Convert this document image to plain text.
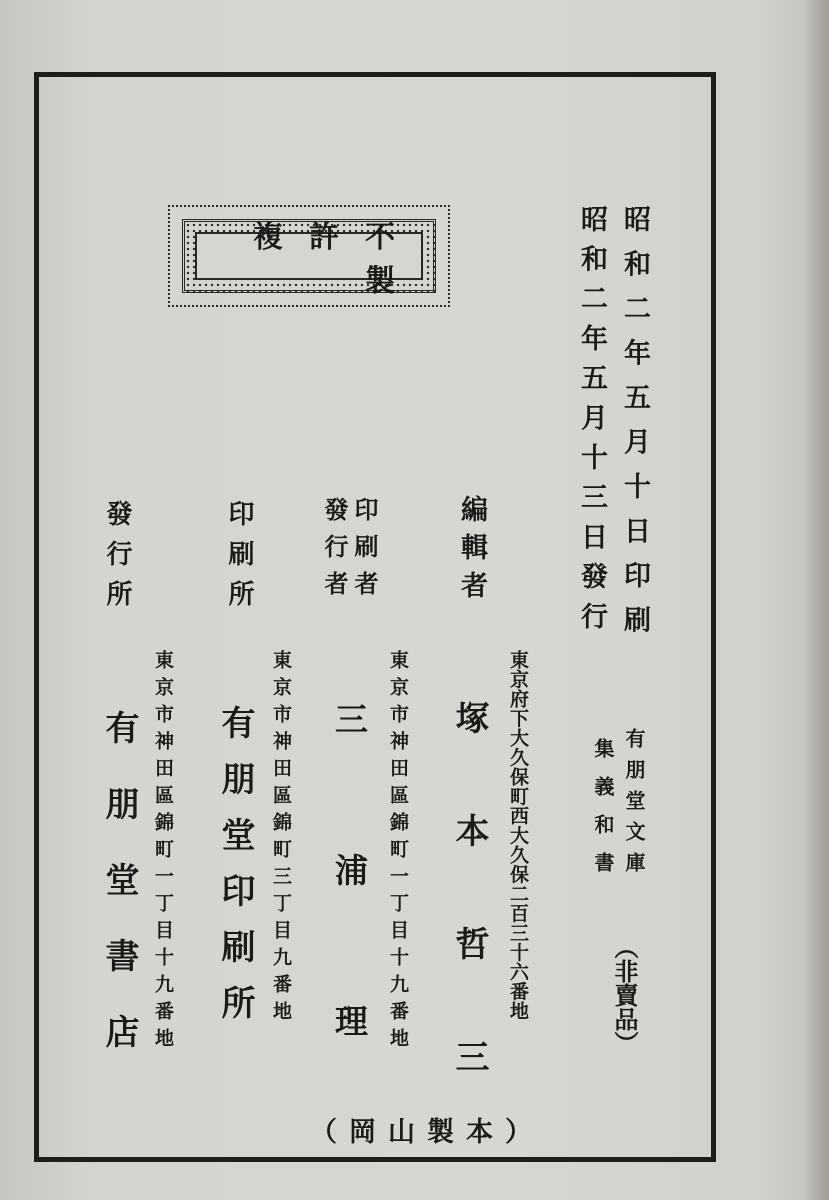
不許複製	昭和二年五月十日印刷
昭和二年五月十三日發行
有朋堂文庫
集義和書
（非賣品）
編輯者
東京府下大久保町西大久保二百三十六番地
塚本哲三
印刷者
發行者
東京市神田區錦町一丁目十九番地
三浦理
印刷所
東京市神田區錦町三丁目九番地
有朋堂印刷所
發行所
東京市神田區錦町一丁目十九番地
有朋堂書店
（本製山岡）
